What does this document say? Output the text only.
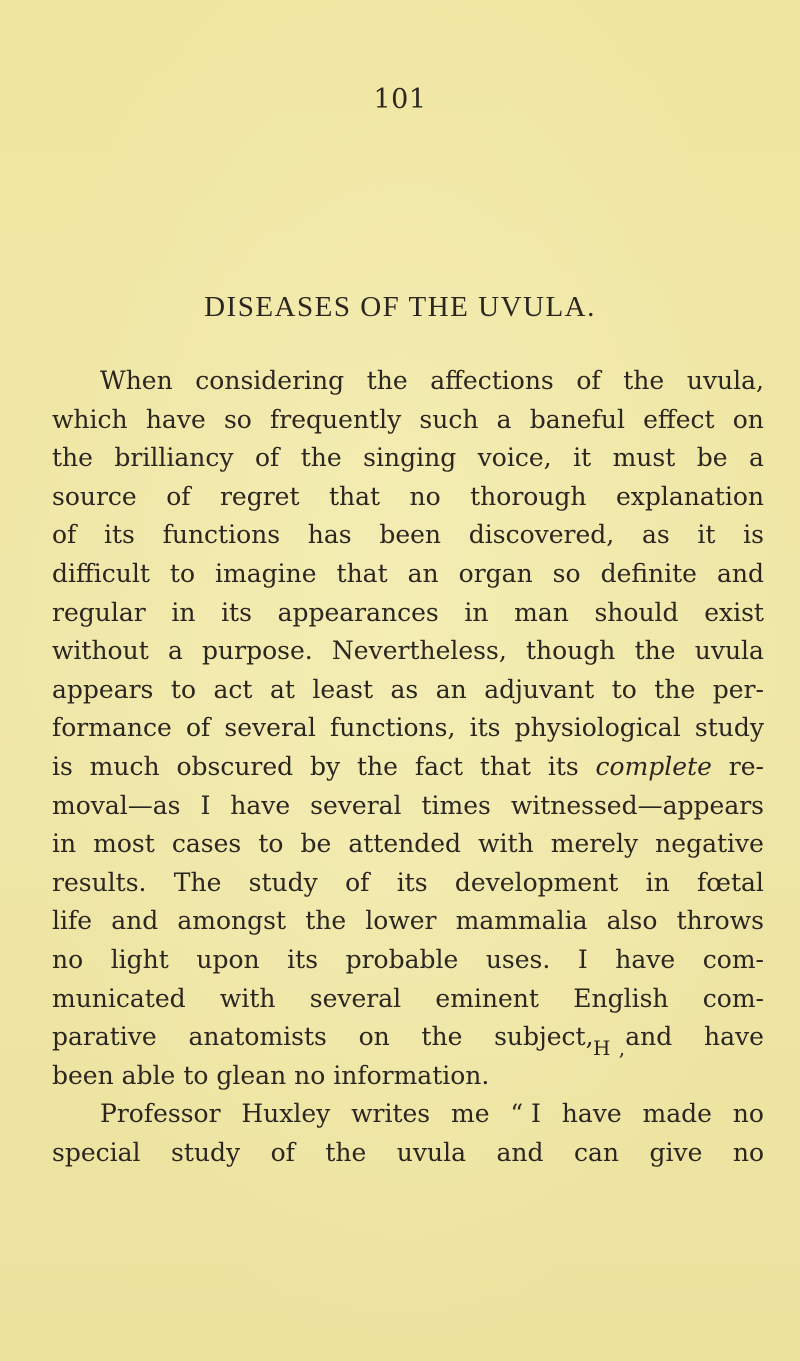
101
DISEASES OF THE UVULA.
When considering the affections of the uvula,
which have so frequently such a baneful effect on
the brilliancy of the singing voice, it must be a
source of regret that no thorough explanation
of its functions has been discovered, as it is
difficult to imagine that an organ so definite and
regular in its appearances in man should exist
without a purpose. Nevertheless, though the uvula
appears to act at least as an adjuvant to the per-
formance of several functions, its physiological study
is much obscured by the fact that its complete re-
moval—as I have several times witnessed—appears
in most cases to be attended with merely negative
results. The study of its development in fœtal
life and amongst the lower mammalia also throws
no light upon its probable uses. I have com-
municated with several eminent English com-
parative anatomists on the subject, and have
been
able
to
glean
no
information.
Professor Huxley writes me “ I have made no
special study of the uvula and can give no
H ,
